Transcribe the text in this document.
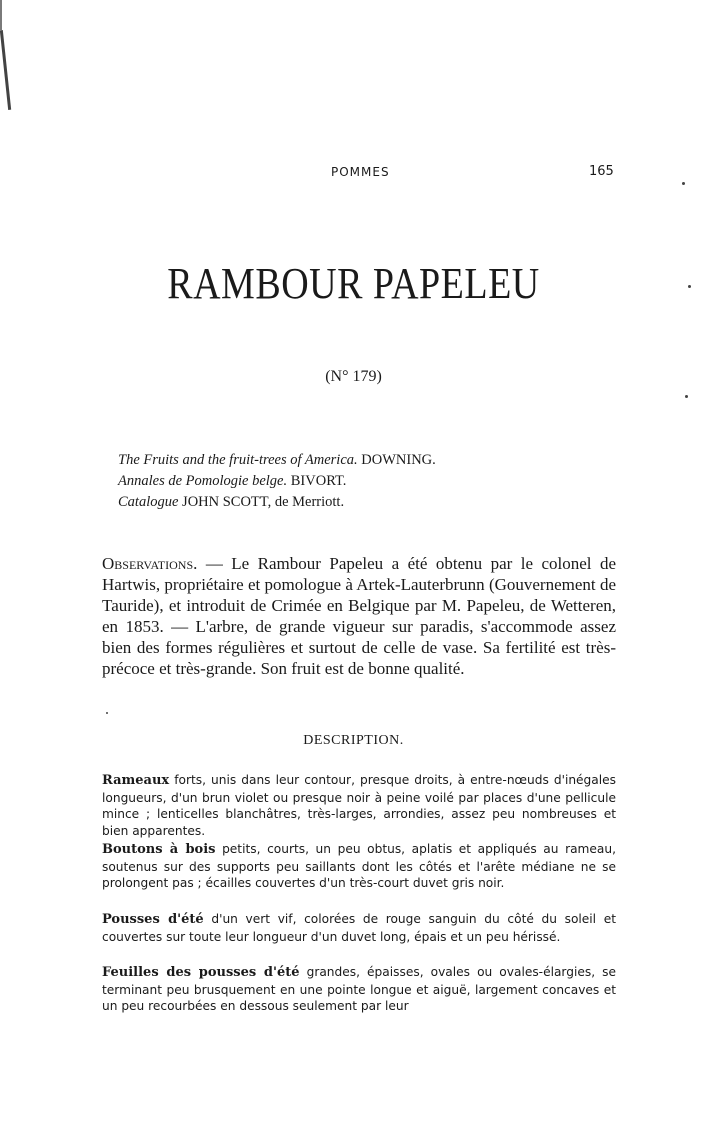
POMMES	165
RAMBOUR PAPELEU
(N° 179)
The Fruits and the fruit-trees of America. DOWNING.
Annales de Pomologie belge. BIVORT.
Catalogue JOHN SCOTT, de Merriott.
Observations. — Le Rambour Papeleu a été obtenu par le colonel de Hartwis, propriétaire et pomologue à Artek-Lauterbrunn (Gouvernement de Tauride), et introduit de Crimée en Belgique par M. Papeleu, de Wetteren, en 1853. — L'arbre, de grande vigueur sur paradis, s'accommode assez bien des formes régulières et surtout de celle de vase. Sa fertilité est très-précoce et très-grande. Son fruit est de bonne qualité.
DESCRIPTION.
Rameaux forts, unis dans leur contour, presque droits, à entre-nœuds d'inégales longueurs, d'un brun violet ou presque noir à peine voilé par places d'une pellicule mince ; lenticelles blanchâtres, très-larges, arrondies, assez peu nombreuses et bien apparentes.
Boutons à bois petits, courts, un peu obtus, aplatis et appliqués au rameau, soutenus sur des supports peu saillants dont les côtés et l'arête médiane ne se prolongent pas ; écailles couvertes d'un très-court duvet gris noir.
Pousses d'été d'un vert vif, colorées de rouge sanguin du côté du soleil et couvertes sur toute leur longueur d'un duvet long, épais et un peu hérissé.
Feuilles des pousses d'été grandes, épaisses, ovales ou ovales-élargies, se terminant peu brusquement en une pointe longue et aiguë, largement concaves et un peu recourbées en dessous seulement par leur
